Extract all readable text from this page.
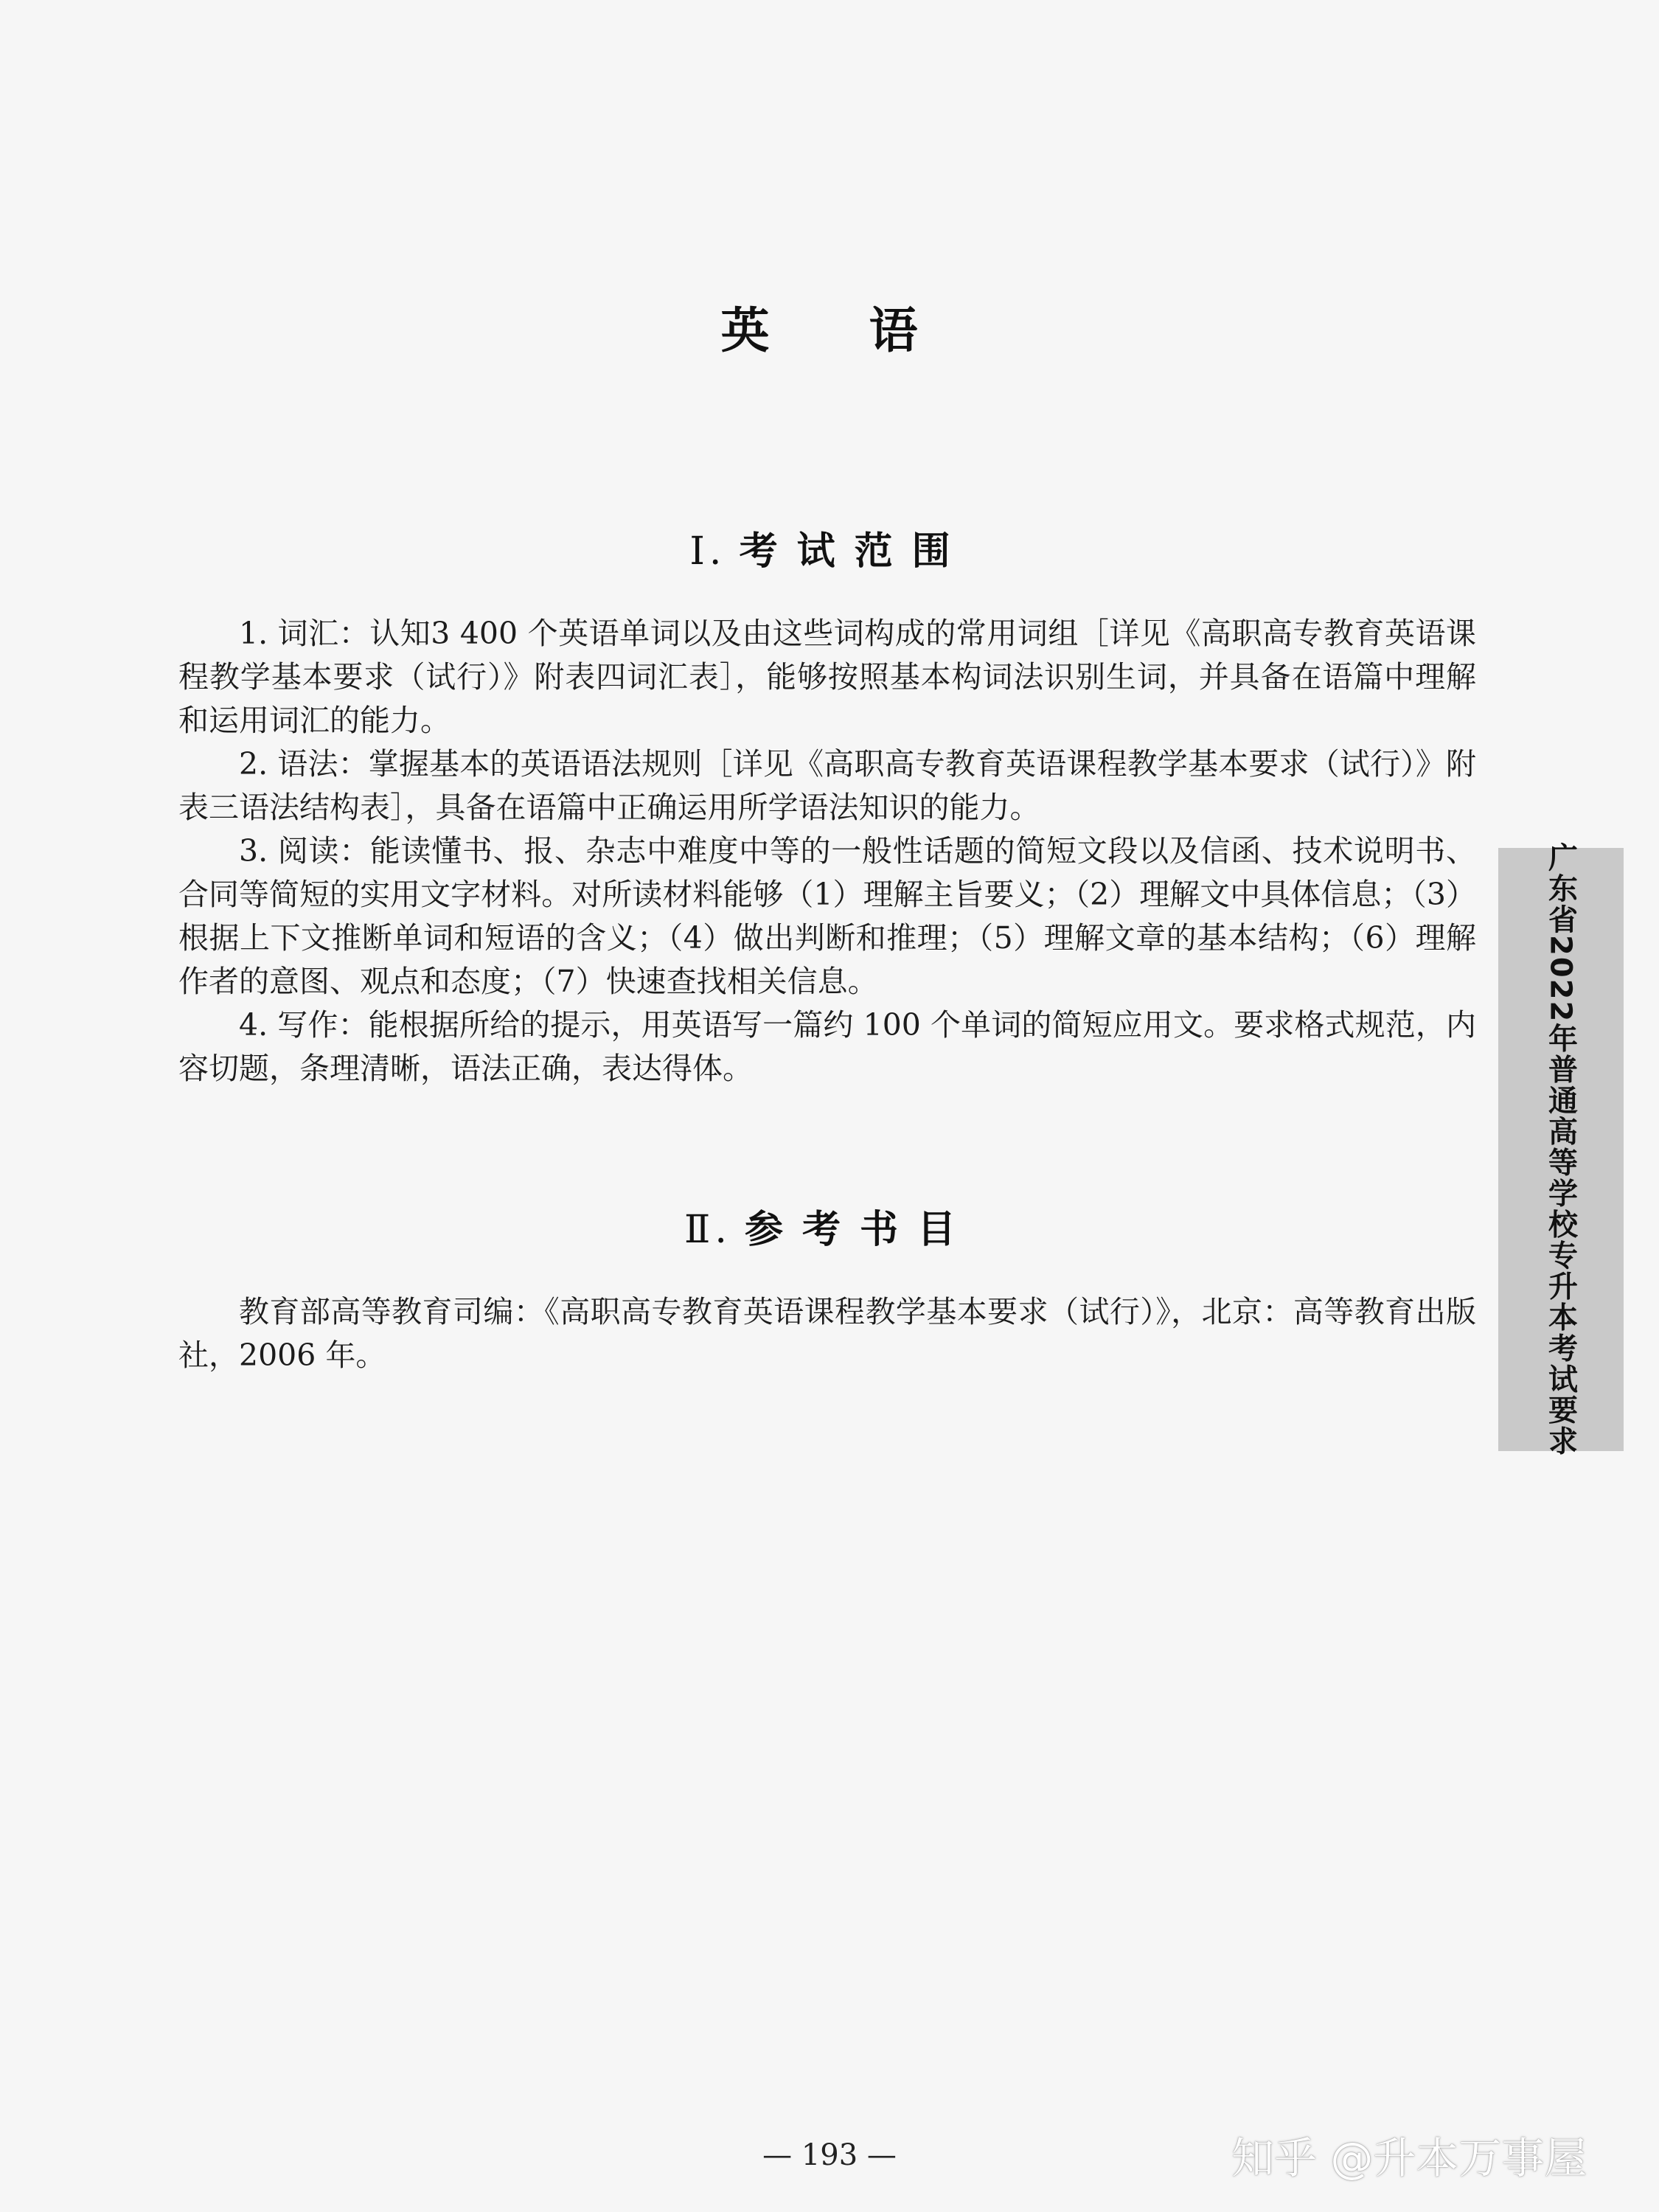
英 语
Ⅰ. 考试范围

1. 词汇：认知3 400 个英语单词以及由这些词构成的常用词组［详见《高职高专教育英语课程教学基本要求（试行）》附表四词汇表］，能够按照基本构词法识别生词，并具备在语篇中理解和运用词汇的能力。

2. 语法：掌握基本的英语语法规则［详见《高职高专教育英语课程教学基本要求（试行）》附表三语法结构表］，具备在语篇中正确运用所学语法知识的能力。

3. 阅读：能读懂书、报、杂志中难度中等的一般性话题的简短文段以及信函、技术说明书、合同等简短的实用文字材料。对所读材料能够（1）理解主旨要义；（2）理解文中具体信息；（3）根据上下文推断单词和短语的含义；（4）做出判断和推理；（5）理解文章的基本结构；（6）理解作者的意图、观点和态度；（7）快速查找相关信息。

4. 写作：能根据所给的提示，用英语写一篇约 100 个单词的简短应用文。要求格式规范，内容切题，条理清晰，语法正确，表达得体。

Ⅱ. 参考书目

教育部高等教育司编：《高职高专教育英语课程教学基本要求（试行）》，北京：高等教育出版社，2006 年。	广东省2022年普通高等学校专升本考试要求
— 193 —	知乎 @升本万事屋
